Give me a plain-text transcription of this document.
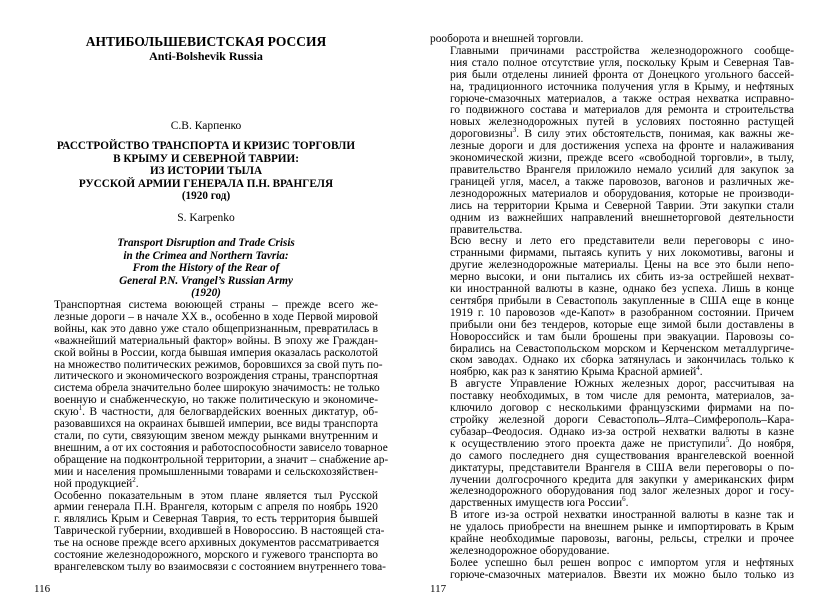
АНТИБОЛЬШЕВИСТСКАЯ РОССИЯ
Anti-Bolshevik Russia
С.В. Карпенко
РАССТРОЙСТВО ТРАНСПОРТА И КРИЗИС ТОРГОВЛИ
В КРЫМУ И СЕВЕРНОЙ ТАВРИИ:
ИЗ ИСТОРИИ ТЫЛА
РУССКОЙ АРМИИ ГЕНЕРАЛА П.Н. ВРАНГЕЛЯ
(1920 год)
S. Karpenko
Transport Disruption and Trade Crisis
in the Crimea and Northern Tavria:
From the History of the Rear of
General P.N. Vrangel’s Russian Army
(1920)

Транспортная система воюющей страны – прежде всего же-
лезные дороги – в начале XX в., особенно в ходе Первой мировой
войны, как это давно уже стало общепризнанным, превратилась в
«важнейший материальный фактор» войны. В эпоху же Граждан-
ской войны в России, когда бывшая империя оказалась расколотой
на множество политических режимов, боровшихся за свой путь по-
литического и экономического возрождения страны, транспортная
система обрела значительно более широкую значимость: не только
военную и снабженческую, но также политическую и экономиче-
скую$^1$. В частности, для белогвардейских военных диктатур, об-
разовавшихся на окраинах бывшей империи, все виды транспорта
стали, по сути, связующим звеном между рынками внутренним и
внешним, а от их состояния и работоспособности зависело товарное
обращение на подконтрольной территории, а значит – снабжение ар-
мии и населения промышленными товарами и сельскохозяйствен-
ной продукцией$^2$.

Особенно показательным в этом плане является тыл Русской
армии генерала П.Н. Врангеля, которым с апреля по ноябрь 1920
г. являлись Крым и Северная Таврия, то есть территория бывшей
Таврической губернии, входившей в Новороссию. В настоящей ста-
тье на основе прежде всего архивных документов рассматривается
состояние железнодорожного, морского и гужевого транспорта во
врангелевском тылу во взаимосвязи с состоянием внутреннего това-

116

рооборота и внешней торговли.

Главными причинами расстройства железнодорожного сообще-
ния стало полное отсутствие угля, поскольку Крым и Северная Тав-
рия были отделены линией фронта от Донецкого угольного бассей-
на, традиционного источника получения угля в Крыму, и нефтяных
горюче-смазочных материалов, а также острая нехватка исправно-
го подвижного состава и материалов для ремонта и строительства
новых железнодорожных путей в условиях постоянно растущей
дороговизны$^3$. В силу этих обстоятельств, понимая, как важны же-
лезные дороги и для достижения успеха на фронте и налаживания
экономической жизни, прежде всего «свободной торговли», в тылу,
правительство Врангеля приложило немало усилий для закупок за
границей угля, масел, а также паровозов, вагонов и различных же-
лезнодорожных материалов и оборудования, которые не производи-
лись на территории Крыма и Северной Таврии. Эти закупки стали
одним из важнейших направлений внешнеторговой деятельности
правительства.

Всю весну и лето его представители вели переговоры с ино-
странными фирмами, пытаясь купить у них локомотивы, вагоны и
другие железнодорожные материалы. Цены на все это были непо-
мерно высоки, и они пытались их сбить из-за острейшей нехват-
ки иностранной валюты в казне, однако без успеха. Лишь в конце
сентября прибыли в Севастополь закупленные в США еще в конце
1919 г. 10 паровозов «де-Капот» в разобранном состоянии. Причем
прибыли они без тендеров, которые еще зимой были доставлены в
Новороссийск и там были брошены при эвакуации. Паровозы со-
бирались на Севастопольском морском и Керченском металлургиче-
ском заводах. Однако их сборка затянулась и закончилась только к
ноябрю, как раз к занятию Крыма Красной армией$^4$.

В августе Управление Южных железных дорог, рассчитывая на
поставку необходимых, в том числе для ремонта, материалов, за-
ключило договор с несколькими французскими фирмами на по-
стройку железной дороги Севастополь–Ялта–Симферополь–Кара-
субазар–Феодосия. Однако из-за острой нехватки валюты в казне
к осуществлению этого проекта даже не приступили$^5$. До ноября,
до самого последнего дня существования врангелевской военной
диктатуры, представители Врангеля в США вели переговоры о по-
лучении долгосрочного кредита для закупки у американских фирм
железнодорожного оборудования под залог железных дорог и госу-
дарственных имуществ юга России$^6$.

В итоге из-за острой нехватки иностранной валюты в казне так и
не удалось приобрести на внешнем рынке и импортировать в Крым
крайне необходимые паровозы, вагоны, рельсы, стрелки и прочее
железнодорожное оборудование.

Более успешно был решен вопрос с импортом угля и нефтяных
горюче-смазочных материалов. Ввезти их можно было только из

117
